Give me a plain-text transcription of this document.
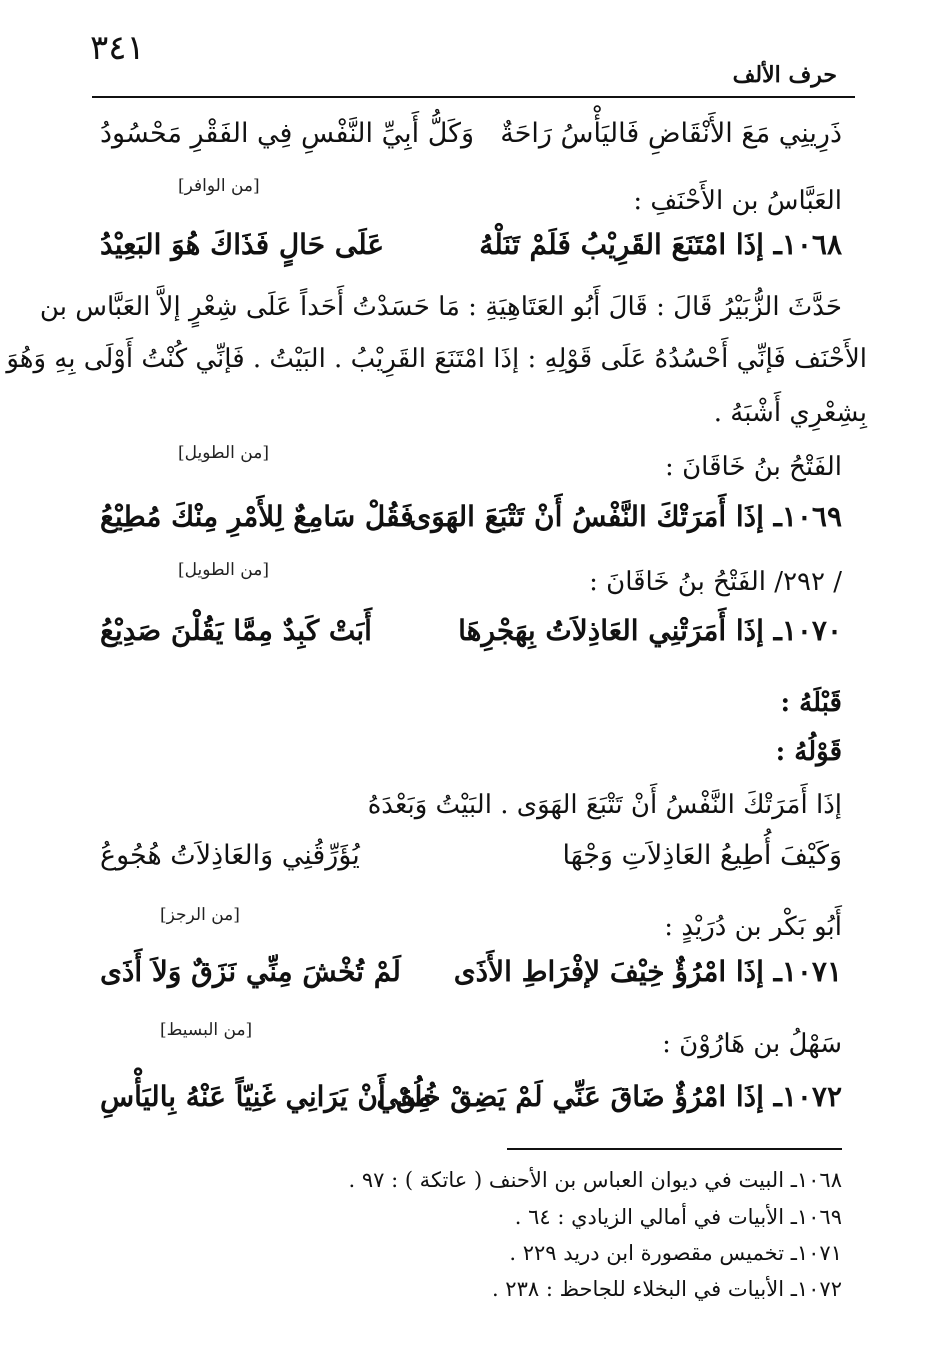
٣٤١
حرف الألف
ذَرِينِي مَعَ الأَنْقَاضِ فَاليَأْسُ رَاحَةٌ
وَكَلُّ أَبِيِّ النَّفْسِ فِي الفَقْرِ مَحْسُودُ
العَبَّاسُ بن الأَحْنَفِ :
[من الوافر]
١٠٦٨ـ إذَا امْتَنَعَ القَرِيْبُ فَلَمْ تَنَلْهُ
عَلَى حَالٍ فَذَاكَ هُوَ البَعِيْدُ
حَدَّثَ الزُّبَيْرُ قَالَ : قَالَ أَبُو العَتَاهِيَةِ : مَا حَسَدْتُ أَحَداً عَلَى شِعْرٍ إلاَّ العَبَّاس بن
الأَحْنَف فَإنِّي أَحْسُدُهُ عَلَى قَوْلِهِ : إذَا امْتَنَعَ القَرِيْبُ . البَيْتُ . فَإنِّي كُنْتُ أَوْلَى بِهِ وَهُوَ
بِشِعْرِي أَشْبَهُ .
الفَتْحُ بنُ خَاقَانَ :
[من الطويل]
١٠٦٩ـ إذَا أَمَرَتْكَ النَّفْسُ أَنْ تَتْبَعَ الهَوَى
فَقُلْ سَامِعٌ لِلأَمْرِ مِنْكَ مُطِيْعُ
/ ٢٩٢/ الفَتْحُ بنُ خَاقَانَ :
[من الطويل]
١٠٧٠ـ إذَا أَمَرَتْنِي العَاذِلاَتُ بِهَجْرِهَا
أَبَتْ كَبِدٌ مِمَّا يَقُلْنَ صَدِيْعُ
قَبْلَهُ :
قَوْلُهُ :
إذَا أَمَرَتْكَ النَّفْسُ أَنْ تَتْبَعَ الهَوَى . البَيْتُ وَبَعْدَهُ
وَكَيْفَ أُطِيعُ العَاذِلاَتِ وَجْهَا
يُؤَرِّقُنِي وَالعَاذِلاَتُ هُجُوعُ
أَبُو بَكْر بن دُرَيْدٍ :
[من الرجز]
١٠٧١ـ إذَا امْرُؤٌ خِيْفَ لإفْرَاطِ الأَذَى
لَمْ تُخْشَ مِنِّي نَزَقٌ وَلاَ أَذَى
سَهْلُ بن هَارُوْنَ :
[من البسيط]
١٠٧٢ـ إذَا امْرُؤٌ ضَاقَ عَنِّي لَمْ يَضِقْ خُلُقِي
مِنْ أَنْ يَرَانِي غَنِيّاً عَنْهُ بِاليَأْسِ
١٠٦٨ـ البيت في ديوان العباس بن الأحنف ( عاتكة ) : ٩٧ .
١٠٦٩ـ الأبيات في أمالي الزيادي : ٦٤ .
١٠٧١ـ تخميس مقصورة ابن دريد ٢٢٩ .
١٠٧٢ـ الأبيات في البخلاء للجاحظ : ٢٣٨ .
